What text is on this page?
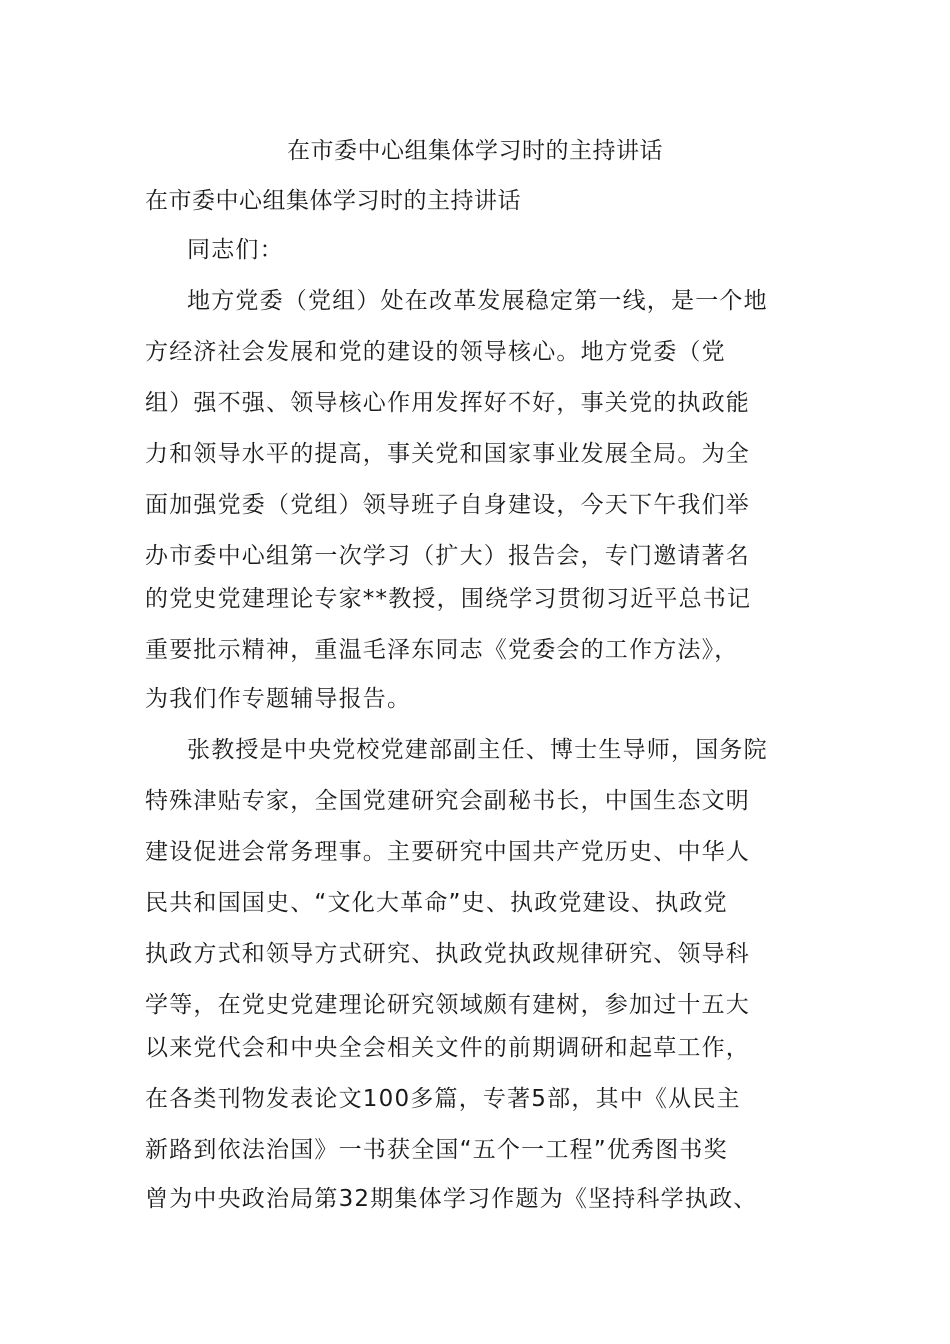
在市委中心组集体学习时的主持讲话
在市委中心组集体学习时的主持讲话
同志们：
地方党委（党组）处在改革发展稳定第一线，是一个地
方经济社会发展和党的建设的领导核心。地方党委（党
组）强不强、领导核心作用发挥好不好，事关党的执政能
力和领导水平的提高，事关党和国家事业发展全局。为全
面加强党委（党组）领导班子自身建设，今天下午我们举
办市委中心组第一次学习（扩大）报告会，专门邀请著名
的党史党建理论专家**教授，围绕学习贯彻习近平总书记
重要批示精神，重温毛泽东同志《党委会的工作方法》，
为我们作专题辅导报告。
张教授是中央党校党建部副主任、博士生导师，国务院
特殊津贴专家，全国党建研究会副秘书长，中国生态文明
建设促进会常务理事。主要研究中国共产党历史、中华人
民共和国国史、“文化大革命”史、执政党建设、执政党
执政方式和领导方式研究、执政党执政规律研究、领导科
学等，在党史党建理论研究领域颇有建树，参加过十五大
以来党代会和中央全会相关文件的前期调研和起草工作，
在各类刊物发表论文100多篇，专著5部，其中《从民主
新路到依法治国》一书获全国“五个一工程”优秀图书奖
曾为中央政治局第32期集体学习作题为《坚持科学执政、
